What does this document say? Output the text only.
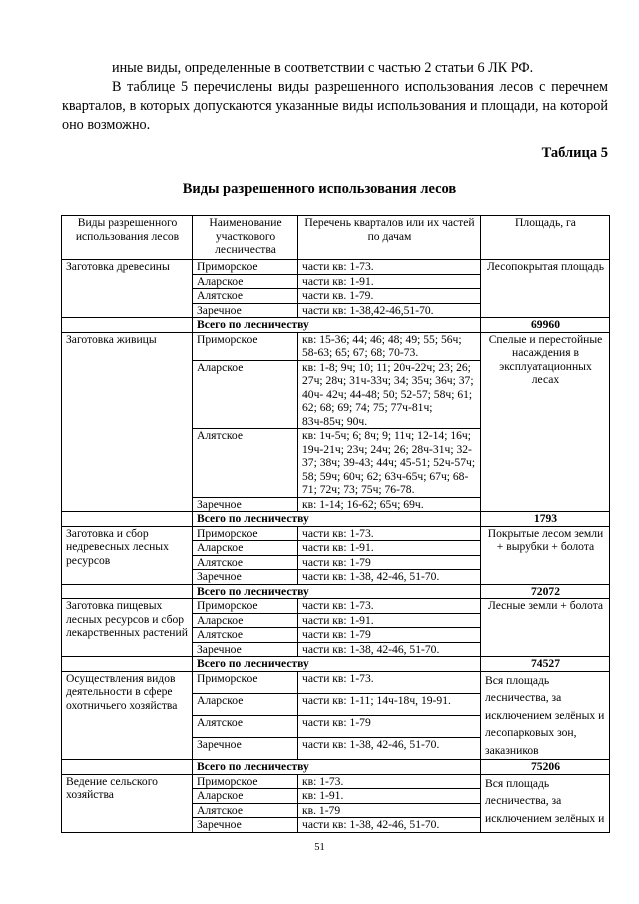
иные виды, определенные в соответствии с частью 2 статьи 6 ЛК РФ.
В таблице 5 перечислены виды разрешенного использования лесов с перечнем кварталов, в которых допускаются указанные виды использования и площади, на которой оно возможно.
Таблица 5
Виды разрешенного использования лесов
Виды разрешенного использования лесов	Наименование участкового лесничества	Перечень кварталов или их частей по дачам	Площадь, га
Заготовка древесины	Приморское	части кв: 1-73.	Лесопокрытая площадь
	Аларское	части кв: 1-91.	
	Алятское	части кв. 1-79.	
	Заречное	части кв: 1-38,42-46,51-70.	
	Всего по лесничеству		69960
Заготовка живицы	Приморское	кв: 15-36; 44; 46; 48; 49; 55; 56ч; 58-63; 65; 67; 68; 70-73.	Спелые и перестойные насаждения в эксплуатационных лесах
	Аларское	кв: 1-8; 9ч; 10; 11; 20ч-22ч; 23; 26; 27ч; 28ч; 31ч-33ч; 34; 35ч; 36ч; 37; 40ч- 42ч; 44-48; 50; 52-57; 58ч; 61; 62; 68; 69; 74; 75; 77ч-81ч; 83ч-85ч; 90ч.	
	Алятское	кв: 1ч-5ч; 6; 8ч; 9; 11ч; 12-14; 16ч; 19ч-21ч; 23ч; 24ч; 26; 28ч-31ч; 32-37; 38ч; 39-43; 44ч; 45-51; 52ч-57ч; 58; 59ч; 60ч; 62; 63ч-65ч; 67ч; 68-71; 72ч; 73; 75ч; 76-78.	
	Заречное	кв: 1-14; 16-62; 65ч; 69ч.	
	Всего по лесничеству		1793
Заготовка и сбор недревесных лесных ресурсов	Приморское	части кв: 1-73.	Покрытые лесом земли + вырубки + болота
	Аларское	части кв: 1-91.	
	Алятское	части кв: 1-79	
	Заречное	части кв: 1-38, 42-46, 51-70.	
	Всего по лесничеству		72072
Заготовка пищевых лесных ресурсов и сбор лекарственных растений	Приморское	части кв: 1-73.	Лесные земли + болота
	Аларское	части кв: 1-91.	
	Алятское	части кв: 1-79	
	Заречное	части кв: 1-38, 42-46, 51-70.	
	Всего по лесничеству		74527
Осуществления видов деятельности в сфере охотничьего хозяйства	Приморское	части кв: 1-73.	Вся площадь лесничества, за исключением зелёных и лесопарковых зон, заказников
	Аларское	части кв: 1-11; 14ч-18ч, 19-91.	
	Алятское	части кв: 1-79	
	Заречное	части кв: 1-38, 42-46, 51-70.	
	Всего по лесничеству		75206
Ведение сельского хозяйства	Приморское	кв: 1-73.	Вся площадь лесничества, за исключением зелёных и
	Аларское	кв: 1-91.	
	Алятское	кв. 1-79	
	Заречное	части кв: 1-38, 42-46, 51-70.	
51
